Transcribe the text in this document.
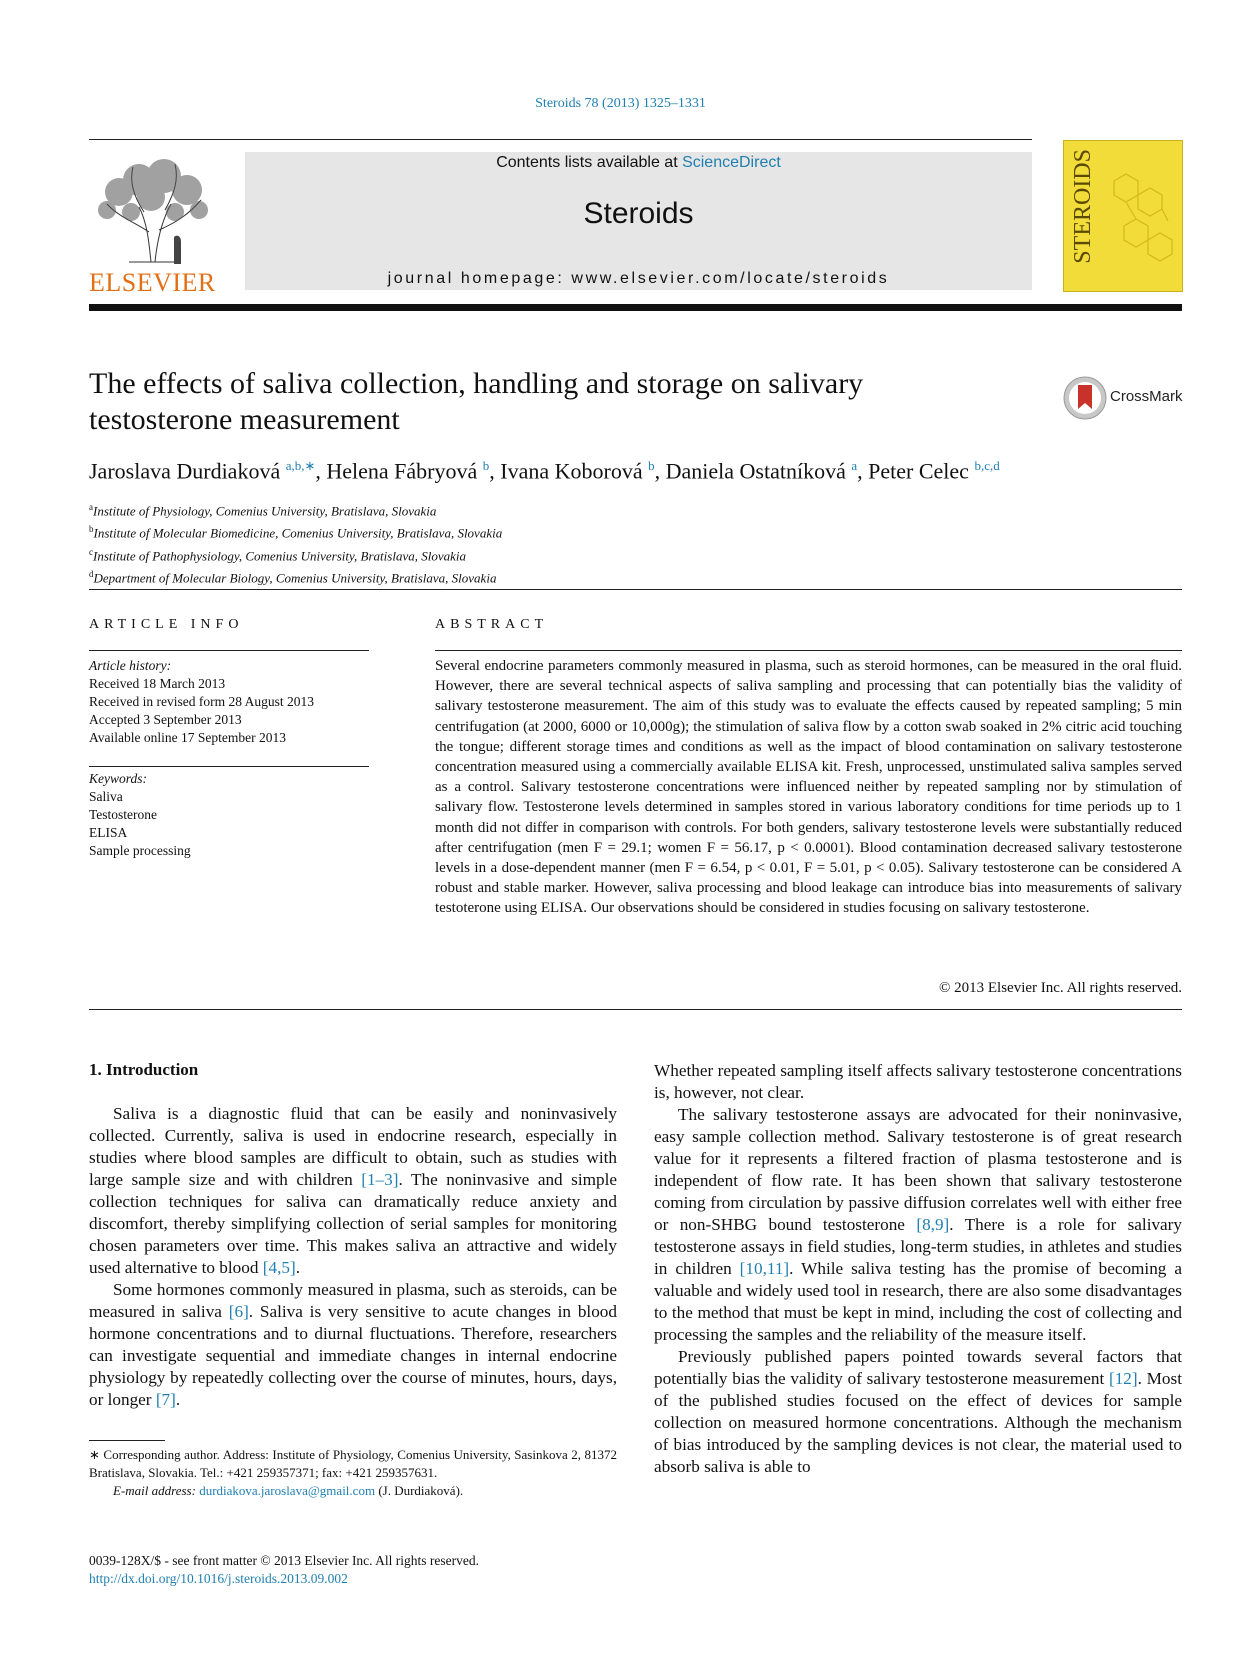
Steroids 78 (2013) 1325–1331
ELSEVIER
Contents lists available at ScienceDirect
Steroids
journal homepage: www.elsevier.com/locate/steroids
STEROIDS
The effects of saliva collection, handling and storage on salivary
testosterone measurement
CrossMark
Jaroslava Durdiaková $^{a,b,∗}$, Helena Fábryová $^b$, Ivana Koborová $^b$, Daniela Ostatníková $^a$, Peter Celec $^{b,c,d}$
$^a$Institute of Physiology, Comenius University, Bratislava, Slovakia
$^b$Institute of Molecular Biomedicine, Comenius University, Bratislava, Slovakia
$^c$Institute of Pathophysiology, Comenius University, Bratislava, Slovakia
$^d$Department of Molecular Biology, Comenius University, Bratislava, Slovakia
ARTICLE INFO
Article history:
Received 18 March 2013
Received in revised form 28 August 2013
Accepted 3 September 2013
Available online 17 September 2013
Keywords:
Saliva
Testosterone
ELISA
Sample processing
ABSTRACT
Several endocrine parameters commonly measured in plasma, such as steroid hormones, can be measured in the oral fluid. However, there are several technical aspects of saliva sampling and processing that can potentially bias the validity of salivary testosterone measurement. The aim of this study was to evaluate the effects caused by repeated sampling; 5 min centrifugation (at 2000, 6000 or 10,000g); the stimulation of saliva flow by a cotton swab soaked in 2% citric acid touching the tongue; different storage times and conditions as well as the impact of blood contamination on salivary testosterone concentration measured using a commercially available ELISA kit. Fresh, unprocessed, unstimulated saliva samples served as a control. Salivary testosterone concentrations were influenced neither by repeated sampling nor by stimulation of salivary flow. Testosterone levels determined in samples stored in various laboratory conditions for time periods up to 1 month did not differ in comparison with controls. For both genders, salivary testosterone levels were substantially reduced after centrifugation (men F = 29.1; women F = 56.17, p < 0.0001). Blood contamination decreased salivary testosterone levels in a dose-dependent manner (men F = 6.54, p < 0.01, F = 5.01, p < 0.05). Salivary testosterone can be considered A robust and stable marker. However, saliva processing and blood leakage can introduce bias into measurements of salivary testoterone using ELISA. Our observations should be considered in studies focusing on salivary testosterone.
© 2013 Elsevier Inc. All rights reserved.
1. Introduction

Saliva is a diagnostic fluid that can be easily and noninvasively collected. Currently, saliva is used in endocrine research, especially in studies where blood samples are difficult to obtain, such as studies with large sample size and with children [1–3]. The noninvasive and simple collection techniques for saliva can dramatically reduce anxiety and discomfort, thereby simplifying collection of serial samples for monitoring chosen parameters over time. This makes saliva an attractive and widely used alternative to blood [4,5].

Some hormones commonly measured in plasma, such as steroids, can be measured in saliva [6]. Saliva is very sensitive to acute changes in blood hormone concentrations and to diurnal fluctuations. Therefore, researchers can investigate sequential and immediate changes in internal endocrine physiology by repeatedly collecting over the course of minutes, hours, days, or longer [7].

Whether repeated sampling itself affects salivary testosterone concentrations is, however, not clear.

The salivary testosterone assays are advocated for their noninvasive, easy sample collection method. Salivary testosterone is of great research value for it represents a filtered fraction of plasma testosterone and is independent of flow rate. It has been shown that salivary testosterone coming from circulation by passive diffusion correlates well with either free or non-SHBG bound testosterone [8,9]. There is a role for salivary testosterone assays in field studies, long-term studies, in athletes and studies in children [10,11]. While saliva testing has the promise of becoming a valuable and widely used tool in research, there are also some disadvantages to the method that must be kept in mind, including the cost of collecting and processing the samples and the reliability of the measure itself.

Previously published papers pointed towards several factors that potentially bias the validity of salivary testosterone measurement [12]. Most of the published studies focused on the effect of devices for sample collection on measured hormone concentrations. Although the mechanism of bias introduced by the sampling devices is not clear, the material used to absorb saliva is able to

∗ Corresponding author. Address: Institute of Physiology, Comenius University, Sasinkova 2, 81372 Bratislava, Slovakia. Tel.: +421 259357371; fax: +421 259357631.

E-mail address: durdiakova.jaroslava@gmail.com (J. Durdiaková).

0039-128X/$ - see front matter © 2013 Elsevier Inc. All rights reserved.
http://dx.doi.org/10.1016/j.steroids.2013.09.002
